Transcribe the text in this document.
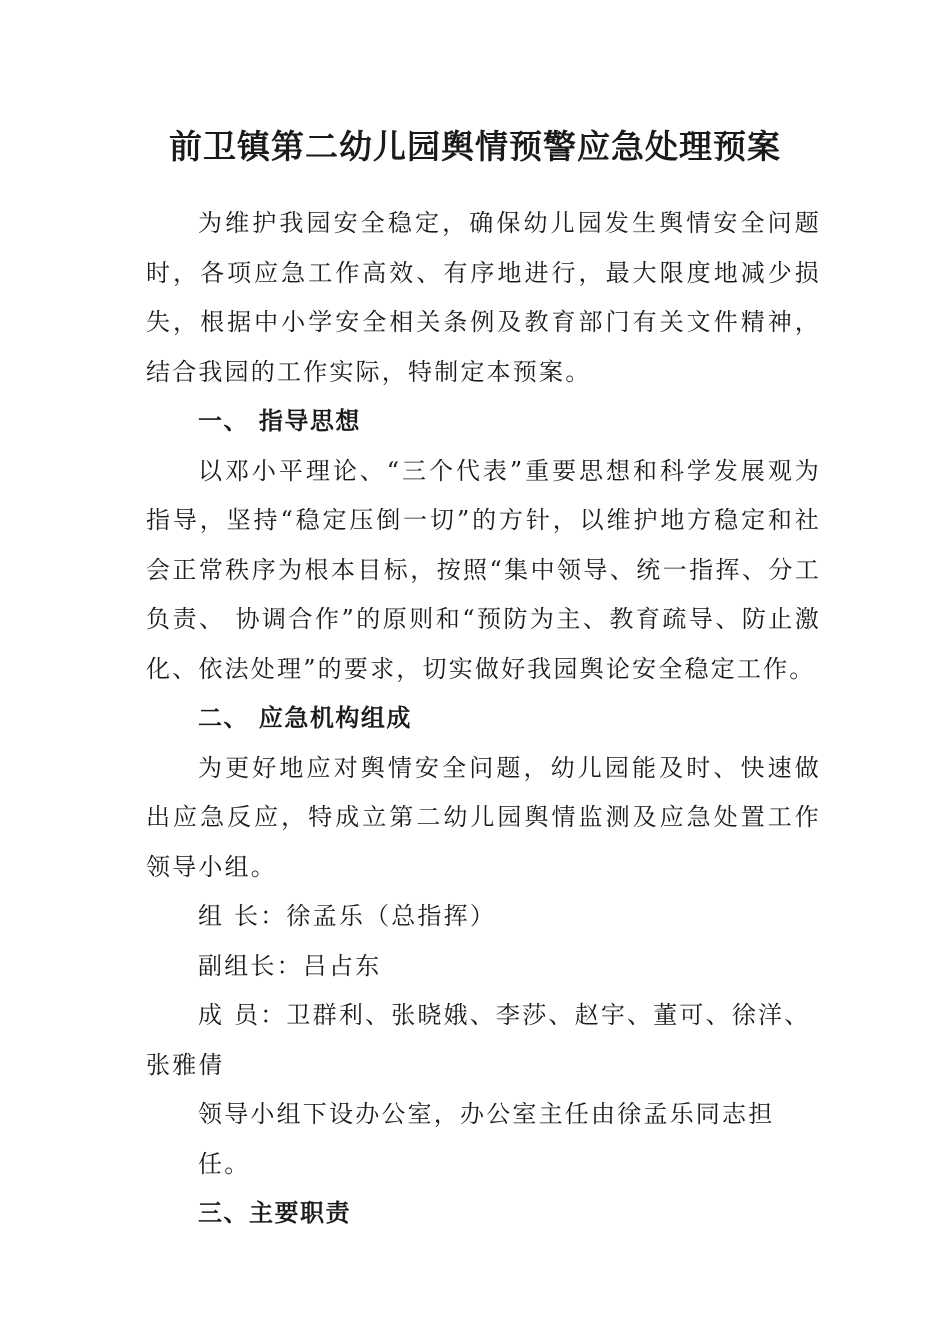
前卫镇第二幼儿园舆情预警应急处理预案

为维护我园安全稳定，确保幼儿园发生舆情安全问题时，各项应急工作高效、有序地进行，最大限度地减少损失，根据中小学安全相关条例及教育部门有关文件精神，结合我园的工作实际，特制定本预案。

一、 指导思想

以邓小平理论、“三个代表”重要思想和科学发展观为指导，坚持“稳定压倒一切”的方针，以维护地方稳定和社会正常秩序为根本目标，按照“集中领导、统一指挥、分工负责、 协调合作”的原则和“预防为主、教育疏导、防止激化、依法处理”的要求，切实做好我园舆论安全稳定工作。

二、 应急机构组成

为更好地应对舆情安全问题，幼儿园能及时、快速做出应急反应，特成立第二幼儿园舆情监测及应急处置工作领导小组。

组 长：徐孟乐（总指挥）

副组长：吕占东

成 员：卫群利、张晓娥、李莎、赵宇、董可、徐洋、张雅倩

领导小组下设办公室，办公室主任由徐孟乐同志担任。

三、主要职责
